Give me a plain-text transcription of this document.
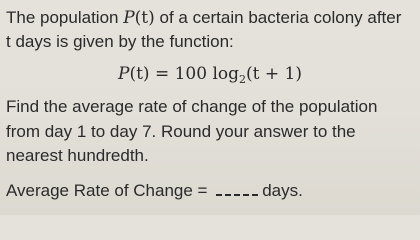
The population P(t) of a certain bacteria colony after
t days is given by the function:
P(t) = 100 $\log_2(t + 1)$
Find the average rate of change of the population
from day 1 to day 7. Round your answer to the
nearest hundredth.
Average Rate of Change =	days.
